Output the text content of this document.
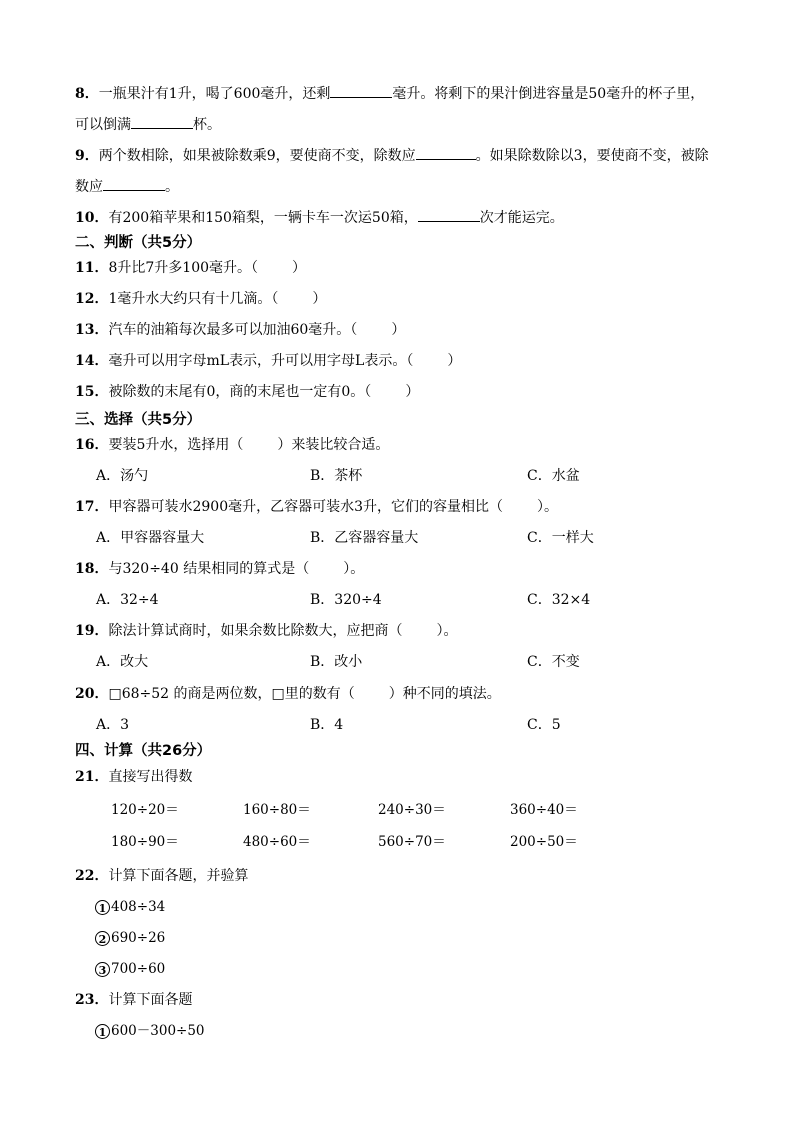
8．一瓶果汁有1升，喝了600毫升，还剩	毫升。将剩下的果汁倒进容量是50毫升的杯子里，
可以倒满	杯。
9．两个数相除，如果被除数乘9，要使商不变，除数应	。如果除数除以3，要使商不变，被除
数应	。
10．有200箱苹果和150箱梨，一辆卡车一次运50箱，	次才能运完。
二、判断（共5分）
11．8升比7升多100毫升。（ ）
12．1毫升水大约只有十几滴。（ ）
13．汽车的油箱每次最多可以加油60毫升。（ ）
14．毫升可以用字母mL表示，升可以用字母L表示。（ ）
15．被除数的末尾有0，商的末尾也一定有0。（ ）
三、选择（共5分）
16．要装5升水，选择用（ ）来装比较合适。
A．汤勺	B．茶杯	C．水盆
17．甲容器可装水2900毫升，乙容器可装水3升，它们的容量相比（ ）。
A．甲容器容量大	B．乙容器容量大	C．一样大
18．与320÷40 结果相同的算式是（ ）。
A．32÷4	B．320÷4	C．32×4
19．除法计算试商时，如果余数比除数大，应把商（ ）。
A．改大	B．改小	C．不变
20．□68÷52 的商是两位数，□里的数有（ ）种不同的填法。
A．3	B．4	C．5
四、计算（共26分）
21．直接写出得数
120÷20＝	160÷80＝	240÷30＝	360÷40＝
180÷90＝	480÷60＝	560÷70＝	200÷50＝
22．计算下面各题，并验算
1 408÷34
2 690÷26
3 700÷60
23．计算下面各题
1 600－300÷50
